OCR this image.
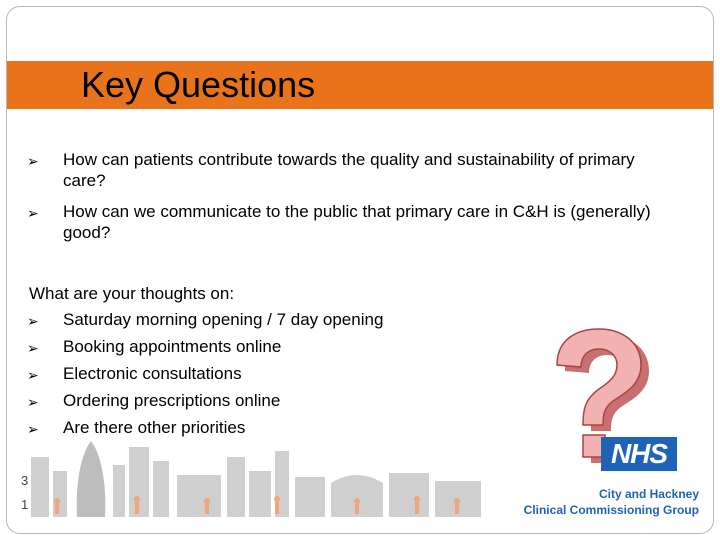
Key Questions
➢ How can patients contribute towards the quality and sustainability of primary
care?
➢ How can we communicate to the public that primary care in C&H is (generally)
good?
What are your thoughts on:
➢ Saturday morning opening / 7 day opening
➢ Booking appointments online
➢ Electronic consultations
➢ Ordering prescriptions online
➢ Are there other priorities
3
1
NHS
City and Hackney
Clinical Commissioning Group
